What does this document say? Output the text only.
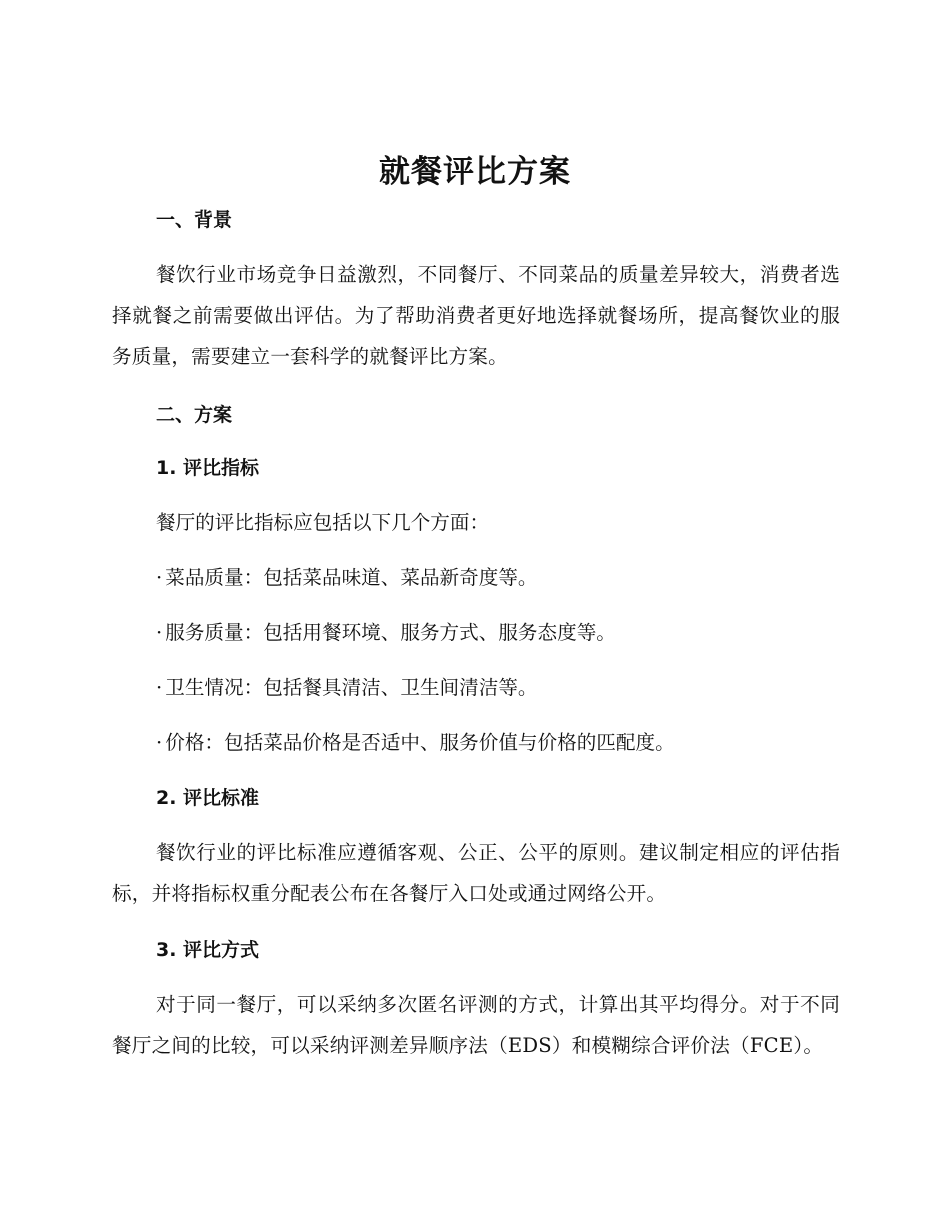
就餐评比方案
一、背景
餐饮行业市场竞争日益激烈，不同餐厅、不同菜品的质量差异较大，消费者选择就餐之前需要做出评估。为了帮助消费者更好地选择就餐场所，提高餐饮业的服务质量，需要建立一套科学的就餐评比方案。
二、方案
1. 评比指标
餐厅的评比指标应包括以下几个方面：
· 菜品质量：包括菜品味道、菜品新奇度等。
· 服务质量：包括用餐环境、服务方式、服务态度等。
· 卫生情况：包括餐具清洁、卫生间清洁等。
· 价格：包括菜品价格是否适中、服务价值与价格的匹配度。
2. 评比标准
餐饮行业的评比标准应遵循客观、公正、公平的原则。建议制定相应的评估指标，并将指标权重分配表公布在各餐厅入口处或通过网络公开。
3. 评比方式
对于同一餐厅，可以采纳多次匿名评测的方式，计算出其平均得分。对于不同餐厅之间的比较，可以采纳评测差异顺序法（EDS）和模糊综合评价法（FCE）。
